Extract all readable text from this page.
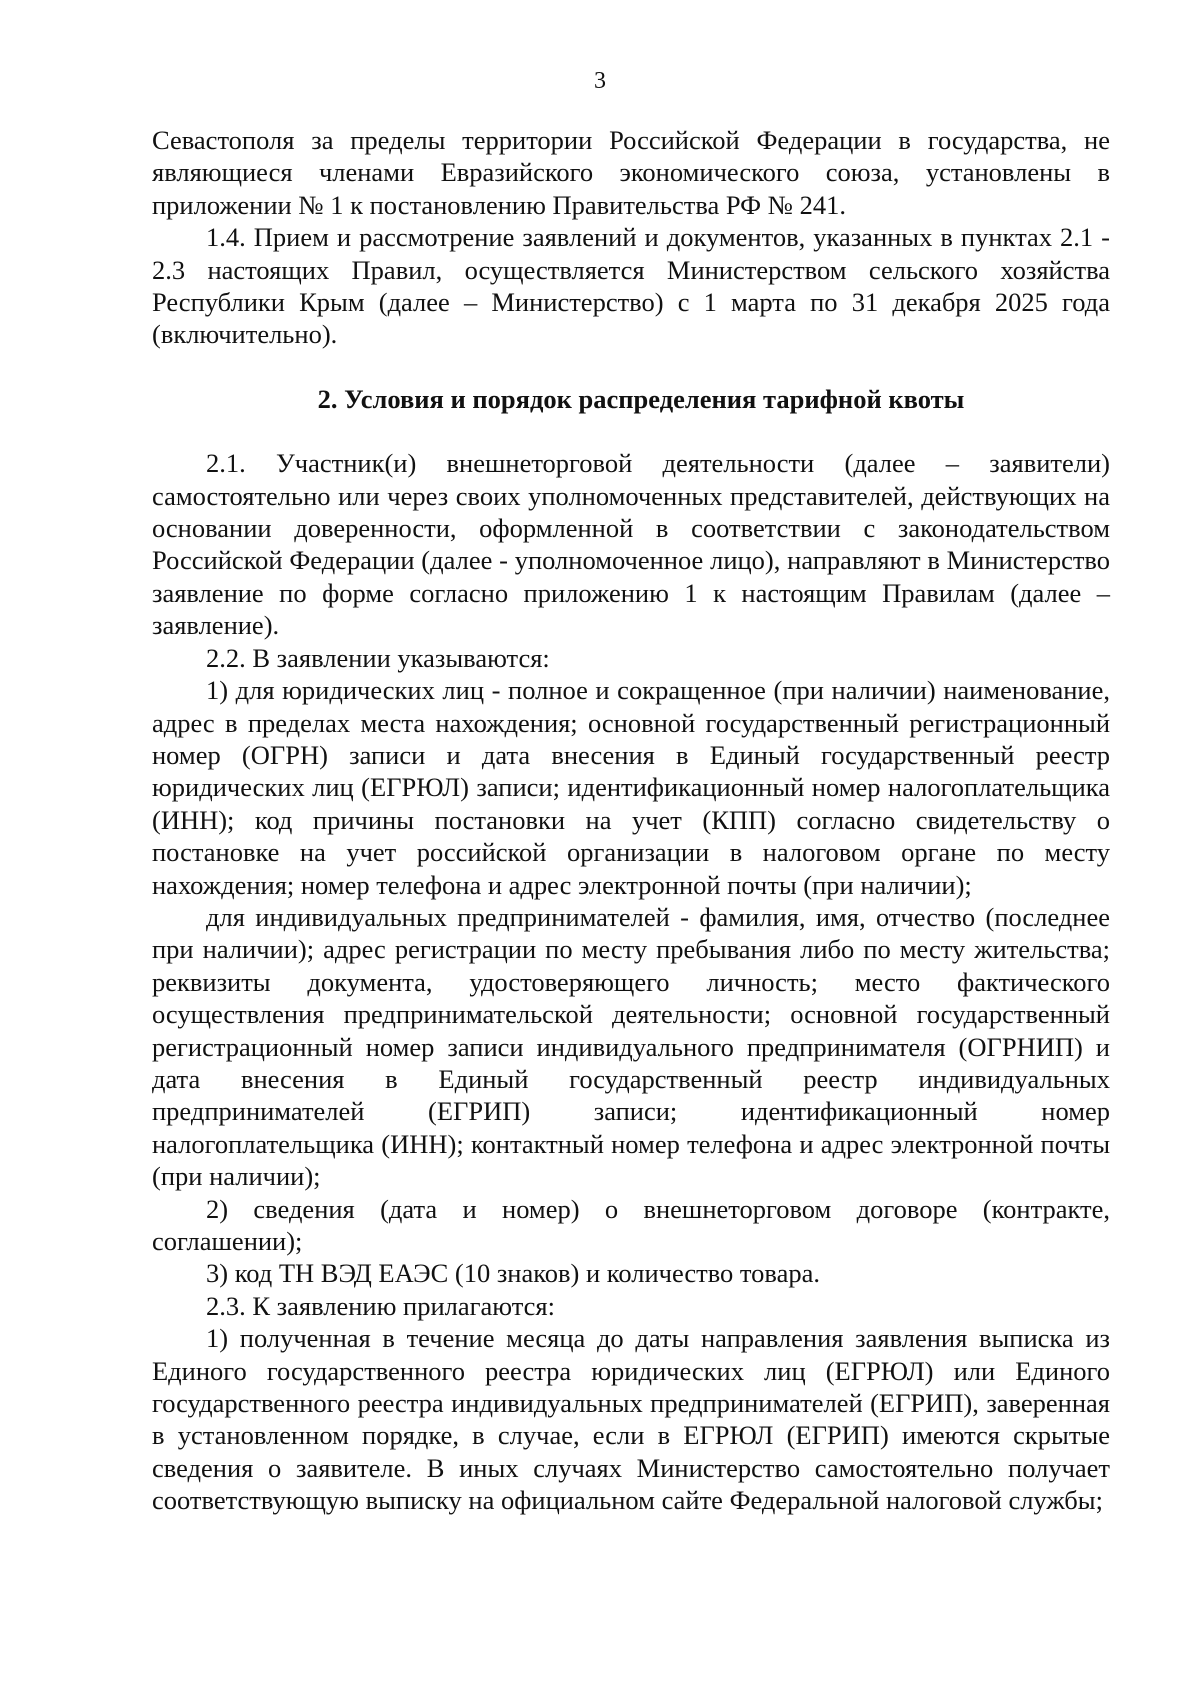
3

Севастополя за пределы территории Российской Федерации в государства, не являющиеся членами Евразийского экономического союза, установлены в приложении № 1 к постановлению Правительства РФ № 241.

1.4. Прием и рассмотрение заявлений и документов, указанных в пунктах 2.1 - 2.3 настоящих Правил, осуществляется Министерством сельского хозяйства Республики Крым (далее – Министерство) с 1 марта по 31 декабря 2025 года (включительно).

2. Условия и порядок распределения тарифной квоты

2.1. Участник(и) внешнеторговой деятельности (далее – заявители) самостоятельно или через своих уполномоченных представителей, действующих на основании доверенности, оформленной в соответствии с законодательством Российской Федерации (далее - уполномоченное лицо), направляют в Министерство заявление по форме согласно приложению 1 к настоящим Правилам (далее – заявление).

2.2. В заявлении указываются:

1) для юридических лиц - полное и сокращенное (при наличии) наименование, адрес в пределах места нахождения; основной государственный регистрационный номер (ОГРН) записи и дата внесения в Единый государственный реестр юридических лиц (ЕГРЮЛ) записи; идентификационный номер налогоплательщика (ИНН); код причины постановки на учет (КПП) согласно свидетельству о постановке на учет российской организации в налоговом органе по месту нахождения; номер телефона и адрес электронной почты (при наличии);

для индивидуальных предпринимателей - фамилия, имя, отчество (последнее при наличии); адрес регистрации по месту пребывания либо по месту жительства; реквизиты документа, удостоверяющего личность; место фактического осуществления предпринимательской деятельности; основной государственный регистрационный номер записи индивидуального предпринимателя (ОГРНИП) и дата внесения в Единый государственный реестр индивидуальных предпринимателей (ЕГРИП) записи; идентификационный номер налогоплательщика (ИНН); контактный номер телефона и адрес электронной почты (при наличии);

2) сведения (дата и номер) о внешнеторговом договоре (контракте, соглашении);

3) код ТН ВЭД ЕАЭС (10 знаков) и количество товара.

2.3. К заявлению прилагаются:

1) полученная в течение месяца до даты направления заявления выписка из Единого государственного реестра юридических лиц (ЕГРЮЛ) или Единого государственного реестра индивидуальных предпринимателей (ЕГРИП), заверенная в установленном порядке, в случае, если в ЕГРЮЛ (ЕГРИП) имеются скрытые сведения о заявителе. В иных случаях Министерство самостоятельно получает соответствующую выписку на официальном сайте Федеральной налоговой службы;
